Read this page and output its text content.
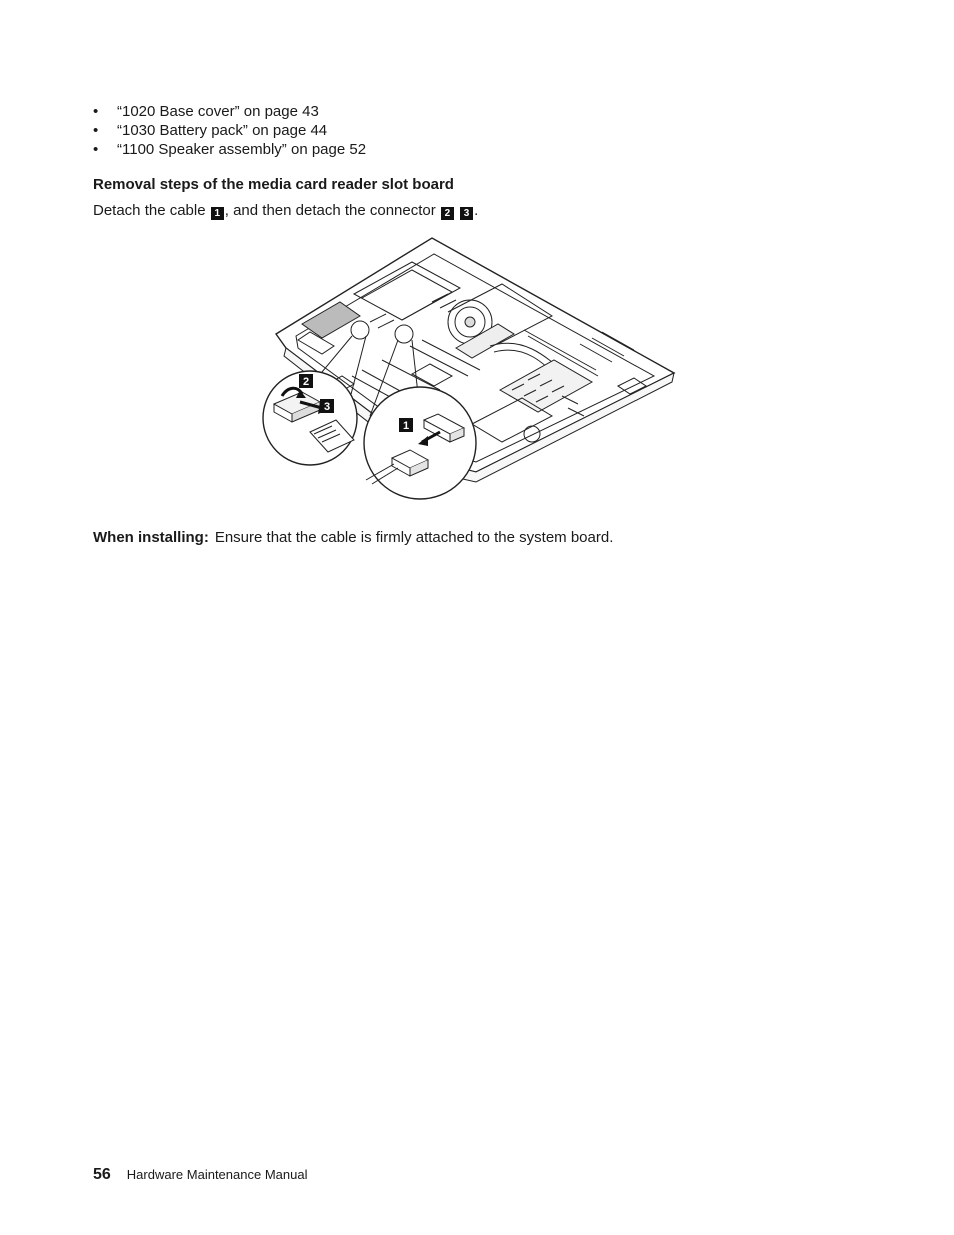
• “1020 Base cover” on page 43
• “1030 Battery pack” on page 44
• “1100 Speaker assembly” on page 52
Removal steps of the media card reader slot board

Detach the cable 1 , and then detach the connector 2 3 .

2
3
1

When installing: Ensure that the cable is firmly attached to the system board.

56 Hardware Maintenance Manual
